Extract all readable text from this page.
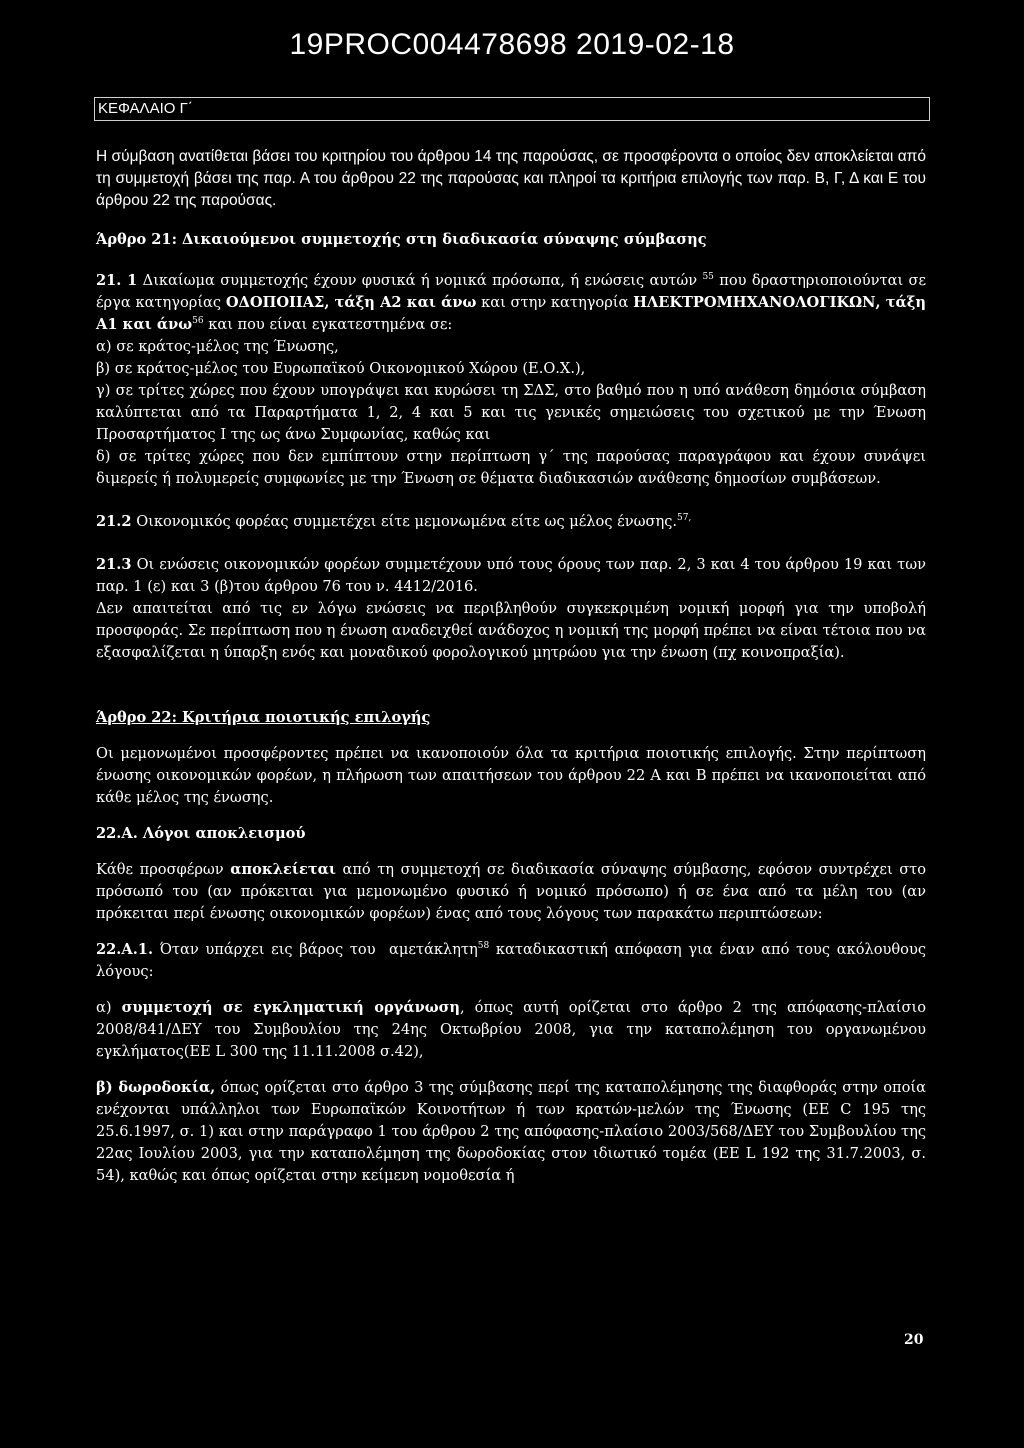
19PROC004478698 2019-02-18
ΚΕΦΑΛΑΙΟ Γ΄

Η σύμβαση ανατίθεται βάσει του κριτηρίου του άρθρου 14 της παρούσας, σε προσφέροντα ο οποίος δεν αποκλείεται από τη συμμετοχή βάσει της παρ. Α του άρθρου 22 της παρούσας και πληροί τα κριτήρια επιλογής των παρ. Β, Γ, Δ και Ε του άρθρου 22 της παρούσας.

Άρθρο 21: Δικαιούμενοι συμμετοχής στη διαδικασία σύναψης σύμβασης

21. 1 Δικαίωμα συμμετοχής έχουν φυσικά ή νομικά πρόσωπα, ή ενώσεις αυτών $^{55}$ που δραστηριοποιούνται σε έργα κατηγορίας ΟΔΟΠΟΙΙΑΣ, τάξη Α2 και άνω και στην κατηγορία ΗΛΕΚΤΡΟΜΗΧΑΝΟΛΟΓΙΚΩΝ, τάξη Α1 και άνω$^{56}$ και που είναι εγκατεστημένα σε:

α) σε κράτος-μέλος της Ένωσης,

β) σε κράτος-μέλος του Ευρωπαϊκού Οικονομικού Χώρου (Ε.Ο.Χ.),

γ) σε τρίτες χώρες που έχουν υπογράψει και κυρώσει τη ΣΔΣ, στο βαθμό που η υπό ανάθεση δημόσια σύμβαση καλύπτεται από τα Παραρτήματα 1, 2, 4 και 5 και τις γενικές σημειώσεις του σχετικού με την Ένωση Προσαρτήματος Ι της ως άνω Συμφωνίας, καθώς και

δ) σε τρίτες χώρες που δεν εμπίπτουν στην περίπτωση γ΄ της παρούσας παραγράφου και έχουν συνάψει διμερείς ή πολυμερείς συμφωνίες με την Ένωση σε θέματα διαδικασιών ανάθεσης δημοσίων συμβάσεων.

21.2 Οικονομικός φορέας συμμετέχει είτε μεμονωμένα είτε ως μέλος ένωσης.$^{57,}$

21.3 Οι ενώσεις οικονομικών φορέων συμμετέχουν υπό τους όρους των παρ. 2, 3 και 4 του άρθρου 19 και των παρ. 1 (ε) και 3 (β)του άρθρου 76 του ν. 4412/2016.

Δεν απαιτείται από τις εν λόγω ενώσεις να περιβληθούν συγκεκριμένη νομική μορφή για την υποβολή προσφοράς. Σε περίπτωση που η ένωση αναδειχθεί ανάδοχος η νομική της μορφή πρέπει να είναι τέτοια που να εξασφαλίζεται η ύπαρξη ενός και μοναδικού φορολογικού μητρώου για την ένωση (πχ κοινοπραξία).

Άρθρο 22: Κριτήρια ποιοτικής επιλογής

Οι μεμονωμένοι προσφέροντες πρέπει να ικανοποιούν όλα τα κριτήρια ποιοτικής επιλογής. Στην περίπτωση ένωσης οικονομικών φορέων, η πλήρωση των απαιτήσεων του άρθρου 22 Α και Β πρέπει να ικανοποιείται από κάθε μέλος της ένωσης.

22.Α. Λόγοι αποκλεισμού

Κάθε προσφέρων αποκλείεται από τη συμμετοχή σε διαδικασία σύναψης σύμβασης, εφόσον συντρέχει στο πρόσωπό του (αν πρόκειται για μεμονωμένο φυσικό ή νομικό πρόσωπο) ή σε ένα από τα μέλη του (αν πρόκειται περί ένωσης οικονομικών φορέων) ένας από τους λόγους των παρακάτω περιπτώσεων:

22.Α.1. Όταν υπάρχει εις βάρος του αμετάκλητη$^{58}$ καταδικαστική απόφαση για έναν από τους ακόλουθους λόγους:

α) συμμετοχή σε εγκληματική οργάνωση, όπως αυτή ορίζεται στο άρθρο 2 της απόφασης-πλαίσιο 2008/841/ΔΕΥ του Συμβουλίου της 24ης Οκτωβρίου 2008, για την καταπολέμηση του οργανωμένου εγκλήματος(ΕΕ L 300 της 11.11.2008 σ.42),

β) δωροδοκία, όπως ορίζεται στο άρθρο 3 της σύμβασης περί της καταπολέμησης της διαφθοράς στην οποία ενέχονται υπάλληλοι των Ευρωπαϊκών Κοινοτήτων ή των κρατών-μελών της Ένωσης (ΕΕ C 195 της 25.6.1997, σ. 1) και στην παράγραφο 1 του άρθρου 2 της απόφασης-πλαίσιο 2003/568/ΔΕΥ του Συμβουλίου της 22ας Ιουλίου 2003, για την καταπολέμηση της δωροδοκίας στον ιδιωτικό τομέα (ΕΕ L 192 της 31.7.2003, σ. 54), καθώς και όπως ορίζεται στην κείμενη νομοθεσία ή

20
